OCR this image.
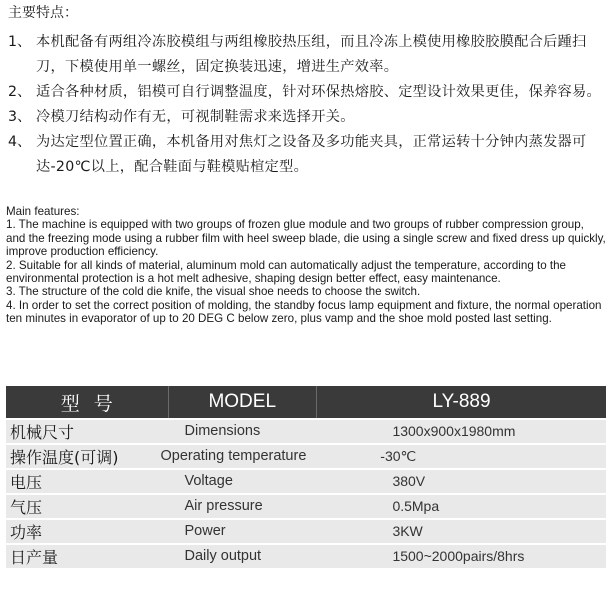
主要特点：
1、 本机配备有两组冷冻胶模组与两组橡胶热压组，而且冷冻上模使用橡胶胶膜配合后踵扫刀，下模使用单一螺丝，固定换装迅速，增进生产效率。
2、 适合各种材质，铝模可自行调整温度，针对环保热熔胶、定型设计效果更佳，保养容易。
3、 冷模刀结构动作有无，可视制鞋需求来选择开关。
4、 为达定型位置正确，本机备用对焦灯之设备及多功能夹具，正常运转十分钟内蒸发器可达-20℃以上，配合鞋面与鞋模贴楦定型。

Main features:

1. The machine is equipped with two groups of frozen glue module and two groups of rubber compression group, and the freezing mode using a rubber film with heel sweep blade, die using a single screw and fixed dress up quickly, improve production efficiency.

2. Suitable for all kinds of material, aluminum mold can automatically adjust the temperature, according to the environmental protection is a hot melt adhesive, shaping design better effect, easy maintenance.

3. The structure of the cold die knife, the visual shoe needs to choose the switch.

4. In order to set the correct position of molding, the standby focus lamp equipment and fixture, the normal operation ten minutes in evaporator of up to 20 DEG C below zero, plus vamp and the shoe mold posted last setting.

型号	MODEL	LY-889
机械尺寸	Dimensions	1300x900x1980mm
操作温度(可调)	Operating temperature	-30℃
电压	Voltage	380V
气压	Air pressure	0.5Mpa
功率	Power	3KW
日产量	Daily output	1500~2000pairs/8hrs
